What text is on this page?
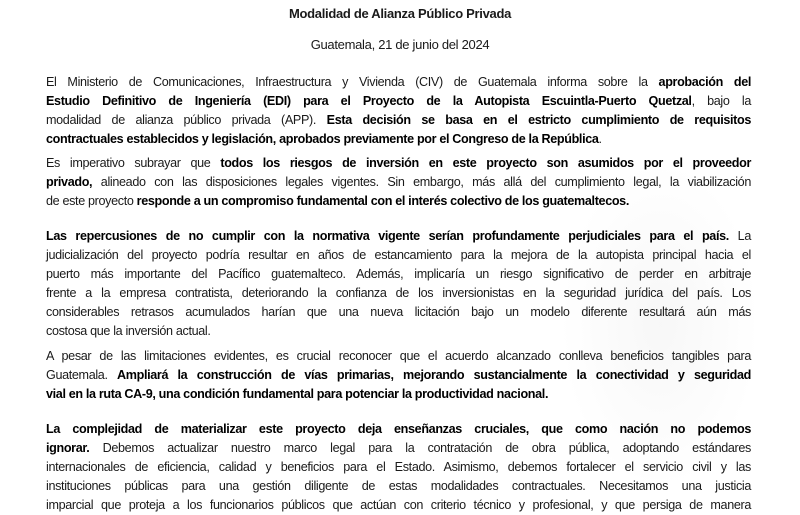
Modalidad de Alianza Público Privada
Guatemala, 21 de junio del 2024
El Ministerio de Comunicaciones, Infraestructura y Vivienda (CIV) de Guatemala informa sobre la aprobación del
Estudio Definitivo de Ingeniería (EDI) para el Proyecto de la Autopista Escuintla-Puerto Quetzal, bajo la
modalidad de alianza público privada (APP). Esta decisión se basa en el estricto cumplimiento de requisitos
contractuales establecidos y legislación, aprobados previamente por el Congreso de la República.
Es imperativo subrayar que todos los riesgos de inversión en este proyecto son asumidos por el proveedor
privado, alineado con las disposiciones legales vigentes. Sin embargo, más allá del cumplimiento legal, la viabilización
de este proyecto responde a un compromiso fundamental con el interés colectivo de los guatemaltecos.
Las repercusiones de no cumplir con la normativa vigente serían profundamente perjudiciales para el país. La
judicialización del proyecto podría resultar en años de estancamiento para la mejora de la autopista principal hacia el
puerto más importante del Pacífico guatemalteco. Además, implicaría un riesgo significativo de perder en arbitraje
frente a la empresa contratista, deteriorando la confianza de los inversionistas en la seguridad jurídica del país. Los
considerables retrasos acumulados harían que una nueva licitación bajo un modelo diferente resultará aún más
costosa que la inversión actual.
A pesar de las limitaciones evidentes, es crucial reconocer que el acuerdo alcanzado conlleva beneficios tangibles para
Guatemala. Ampliará la construcción de vías primarias, mejorando sustancialmente la conectividad y seguridad
vial en la ruta CA-9, una condición fundamental para potenciar la productividad nacional.
La complejidad de materializar este proyecto deja enseñanzas cruciales, que como nación no podemos
ignorar. Debemos actualizar nuestro marco legal para la contratación de obra pública, adoptando estándares
internacionales de eficiencia, calidad y beneficios para el Estado. Asimismo, debemos fortalecer el servicio civil y las
instituciones públicas para una gestión diligente de estas modalidades contractuales. Necesitamos una justicia
imparcial que proteja a los funcionarios públicos que actúan con criterio técnico y profesional, y que persiga de manera
